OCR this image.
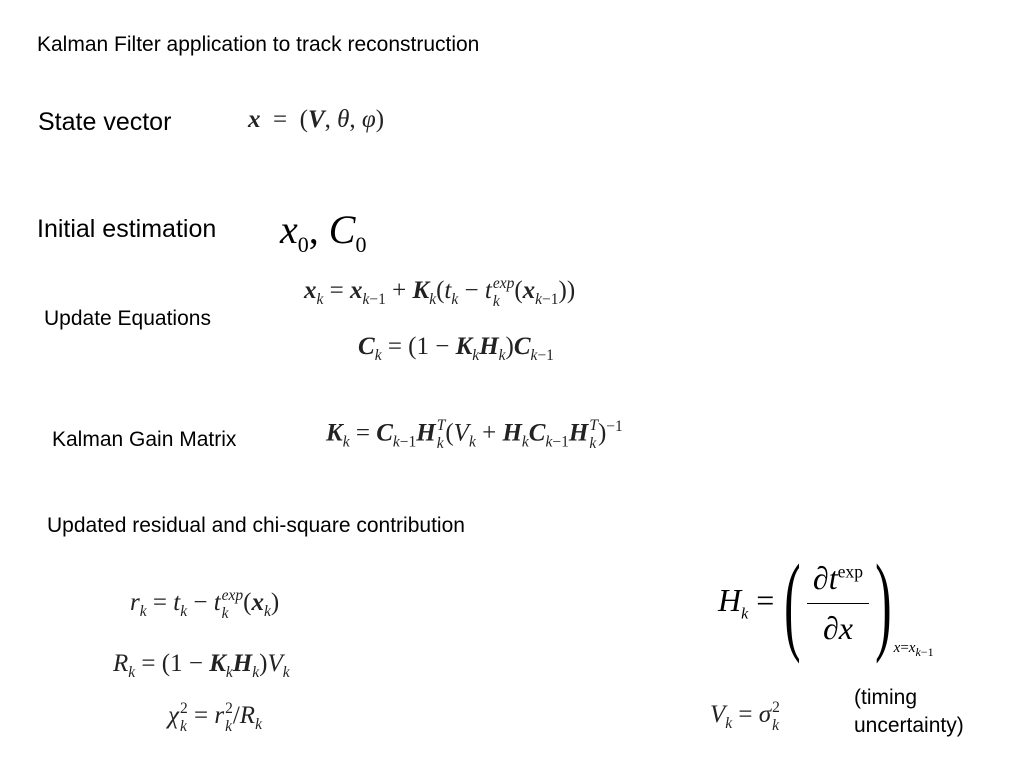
Kalman Filter application to track reconstruction
State vector
Initial estimation
Update Equations
Kalman Gain Matrix
Updated residual and chi-square contribution
(timing
uncertainty)
x  =  (V, θ, φ)
$x_0$, $C_0$
$x_k = x_{k-1} + K_k(t_k - t$ exp
k $(x_{k-1})$)
$C_k = (1 - K_kH_k)C_{k-1}$
$K_k = C_{k-1}H$ T
k ($V_k + H_kC_{k-1}H$ T
k )$^{-1}$
$r_k = t_k - t$ exp
k $(x_k)$
$R_k = (1 - K_kH_k)V_k$
χ 2
k = r 2
k $/R_k$
$H_k$ = ( $\frac{\partial t^{exp}}{\partial x}$ ) $x=x_{k-1}$
$V_k = \sigma$ 2
k
